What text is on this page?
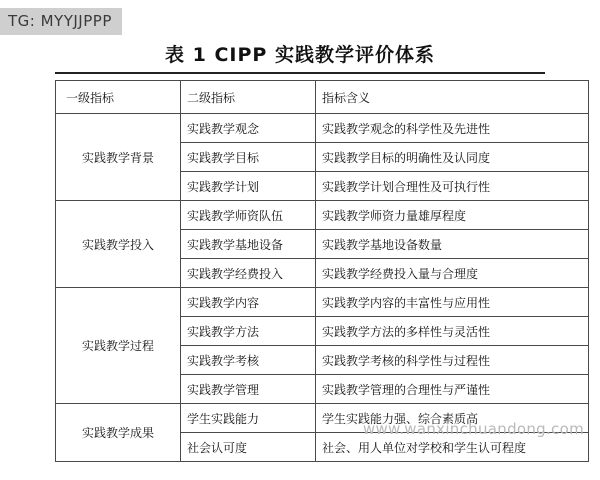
TG: MYYJJPPP
表 1 CIPP 实践教学评价体系
一级指标	二级指标	指标含义
实践教学背景	实践教学观念	实践教学观念的科学性及先进性
	实践教学目标	实践教学目标的明确性及认同度
	实践教学计划	实践教学计划合理性及可执行性
实践教学投入	实践教学师资队伍	实践教学师资力量雄厚程度
	实践教学基地设备	实践教学基地设备数量
	实践教学经费投入	实践教学经费投入量与合理度
实践教学过程	实践教学内容	实践教学内容的丰富性与应用性
	实践教学方法	实践教学方法的多样性与灵活性
	实践教学考核	实践教学考核的科学性与过程性
	实践教学管理	实践教学管理的合理性与严谨性
实践教学成果	学生实践能力	学生实践能力强、综合素质高
	社会认可度	社会、用人单位对学校和学生认可程度
www.wanxinchuandong.com
